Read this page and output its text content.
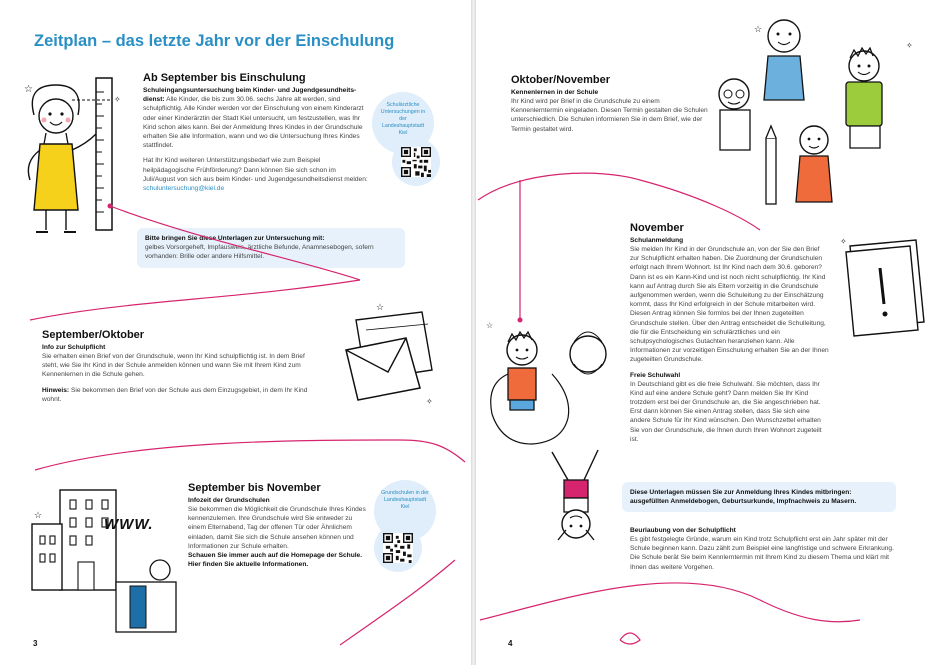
Zeitplan – das letzte Jahr vor der Einschulung
☆
✧
Ab September bis Einschulung

Schuleingangsuntersuchung beim Kinder- und Jugendgesundheitsdienst: Alle Kinder, die bis zum 30.06. sechs Jahre alt werden, sind schulpflichtig. Alle Kinder werden vor der Einschulung von einem Kinderarzt oder einer Kinderärztin der Stadt Kiel untersucht, um festzustellen, was Ihr Kind schon alles kann. Bei der Anmeldung Ihres Kindes in der Grundschule erhalten Sie alle Information, wann und wo die Untersuchung Ihres Kindes stattfindet.

Hat Ihr Kind weiteren Unterstützungsbedarf wie zum Beispiel heilpädagogische Frühförderung? Dann können Sie sich schon im Juli/August von sich aus beim Kinder- und Jugendgesundheitsdienst melden: schuluntersuchung@kiel.de

Bitte bringen Sie diese Unterlagen zur Untersuchung mit:
gelbes Vorsorgeheft, Impfausweis, ärztliche Befunde, Anamnesebogen, sofern vorhanden: Brille oder andere Hilfsmittel.
Schulärztliche Untersuchungen in der Landeshauptstadt Kiel
☆
✧
September/Oktober
Info zur Schulpflicht

Sie erhalten einen Brief von der Grundschule, wenn Ihr Kind schulpflichtig ist. In dem Brief steht, wie Sie Ihr Kind in der Schule anmelden können und wann Sie mit Ihrem Kind zum Kennenlernen in die Schule gehen.

Hinweis: Sie bekommen den Brief von der Schule aus dem Einzugsgebiet, in dem Ihr Kind wohnt.

☆
WWW.
September bis November
Infozeit der Grundschulen

Sie bekommen die Möglichkeit die Grundschule Ihres Kindes kennenzulernen. Ihre Grundschule wird Sie entweder zu einem Elternabend, Tag der offenen Tür oder Ähnlichem einladen, damit Sie sich die Schule ansehen können und Informationen zur Schule erhalten.
Schauen Sie immer auch auf die Homepage der Schule. Hier finden Sie aktuelle Informationen.

Grundschulen in der Landeshauptstadt Kiel
3
Oktober/November
Kennenlernen in der Schule

Ihr Kind wird per Brief in die Grundschule zu einem Kennenlerntermin eingeladen. Diesen Termin gestalten die Schulen unterschiedlich. Die Schulen informieren Sie in dem Brief, wie der Termin gestaltet wird.

☆
✧
November
Schulanmeldung

Sie melden Ihr Kind in der Grundschule an, von der Sie den Brief zur Schulpflicht erhalten haben. Die Zuordnung der Grundschulen erfolgt nach Ihrem Wohnort. Ist Ihr Kind nach dem 30.6. geboren? Dann ist es ein Kann-Kind und ist noch nicht schulpflichtig. Ihr Kind kann auf Antrag durch Sie als Eltern vorzeitig in die Grundschule aufgenommen werden, wenn die Schuleitung zu der Einschätzung kommt, dass Ihr Kind erfolgreich in der Schule mitarbeiten wird. Diesen Antrag können Sie formlos bei der Ihnen zugeteilten Grundschule stellen. Über den Antrag entscheidet die Schulleitung, die für die Entscheidung ein schulärztliches und ein schulpsychologisches Gutachten heranziehen kann. Alle Informationen zur vorzeitigen Einschulung erhalten Sie an der Ihnen zugeteilten Grundschule.

Freie Schulwahl

In Deutschland gibt es die freie Schulwahl. Sie möchten, dass Ihr Kind auf eine andere Schule geht? Dann melden Sie Ihr Kind trotzdem erst bei der Grundschule an, die Sie angeschrieben hat. Erst dann können Sie einen Antrag stellen, dass Sie sich eine andere Schule für Ihr Kind wünschen. Den Wunschzettel erhalten Sie von der Grundschule, die Ihnen durch Ihren Wohnort zugeteilt ist.

✧
☆
Diese Unterlagen müssen Sie zur Anmeldung Ihres Kindes mitbringen: ausgefüllten Anmeldebogen, Geburtsurkunde, Impfnachweis zu Masern.
Beurlaubung von der Schulpflicht

Es gibt festgelegte Gründe, warum ein Kind trotz Schulpflicht erst ein Jahr später mit der Schule beginnen kann. Dazu zählt zum Beispiel eine langfristige und schwere Erkrankung. Die Schule berät Sie beim Kennlerntermin mit Ihrem Kind zu diesem Thema und klärt mit Ihnen das weitere Vorgehen.

4
